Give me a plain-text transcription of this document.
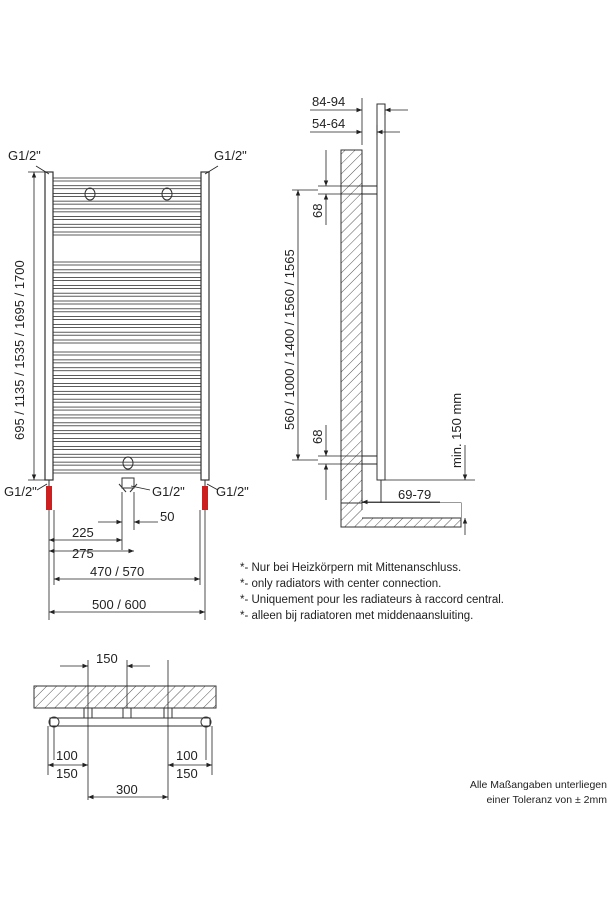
G1/2"	G1/2"
G1/2"	G1/2" G1/2"
695 / 1135 / 1535 / 1695 / 1700
50
225
275
470 / 570
500 / 600
84-94
54-64
68
560 / 1000 / 1400 / 1560 / 1565
68	min. 150 mm
69-79
150
100
150
100
150
300
*- Nur bei Heizkörpern mit Mittenanschluss.
*- only radiators with center connection.
*- Uniquement pour les radiateurs à raccord central.
*- alleen bij radiatoren met middenaansluiting.
Alle Maßangaben unterliegen
einer Toleranz von ± 2mm
